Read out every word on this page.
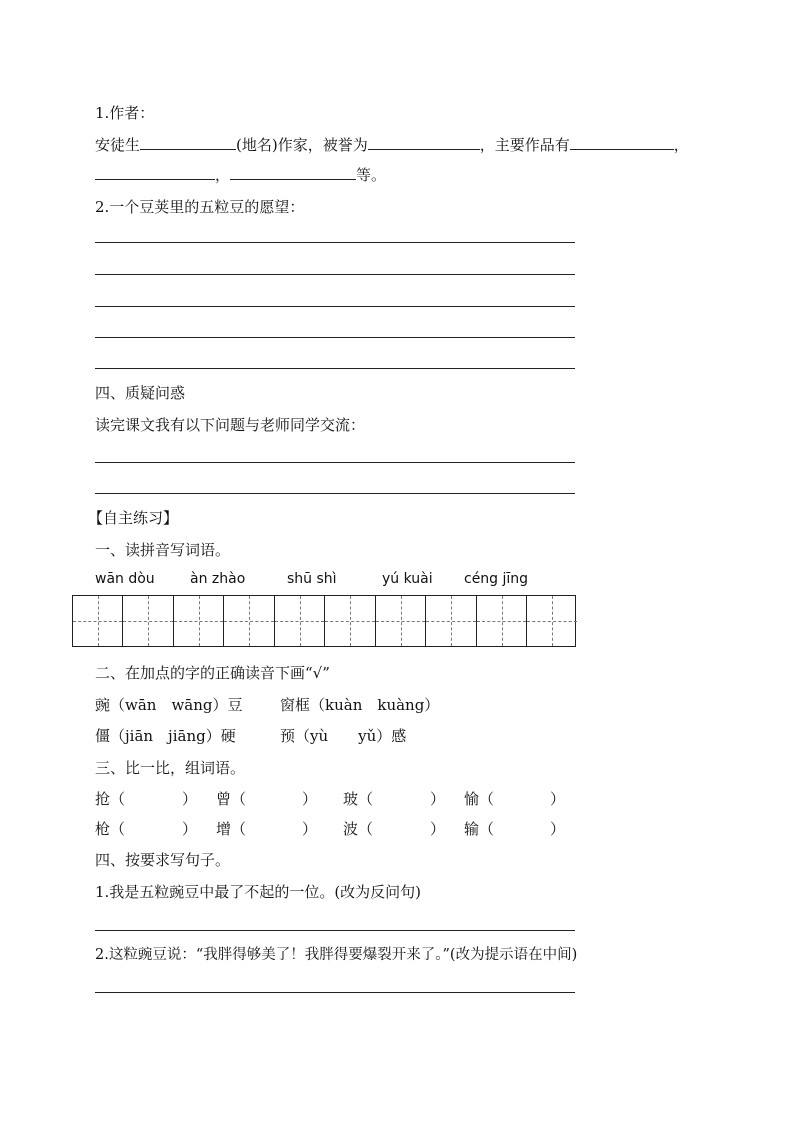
1.作者：
安徒生	(地名)作家，被誉为	，主要作品有	，
，	等。
2.一个豆荚里的五粒豆的愿望：
四、质疑问惑
读完课文我有以下问题与老师同学交流：
【自主练习】
一、读拼音写词语。
wān dòu	àn zhào	shū shì	yú kuài céng jīng
二、在加点的字的正确读音下画“√”
豌（wān　wāng）豆	窗框（kuàn　kuàng）
僵（jiān　jiāng）硬	预（yù　　yǔ）感
三、比一比，组词语。
抢（	） 曾（	） 玻（	） 愉（	）
枪（	） 增（	） 波（	） 输（	）
四、按要求写句子。
1.我是五粒豌豆中最了不起的一位。(改为反问句)
2.这粒豌豆说：“我胖得够美了！我胖得要爆裂开来了。”(改为提示语在中间)
